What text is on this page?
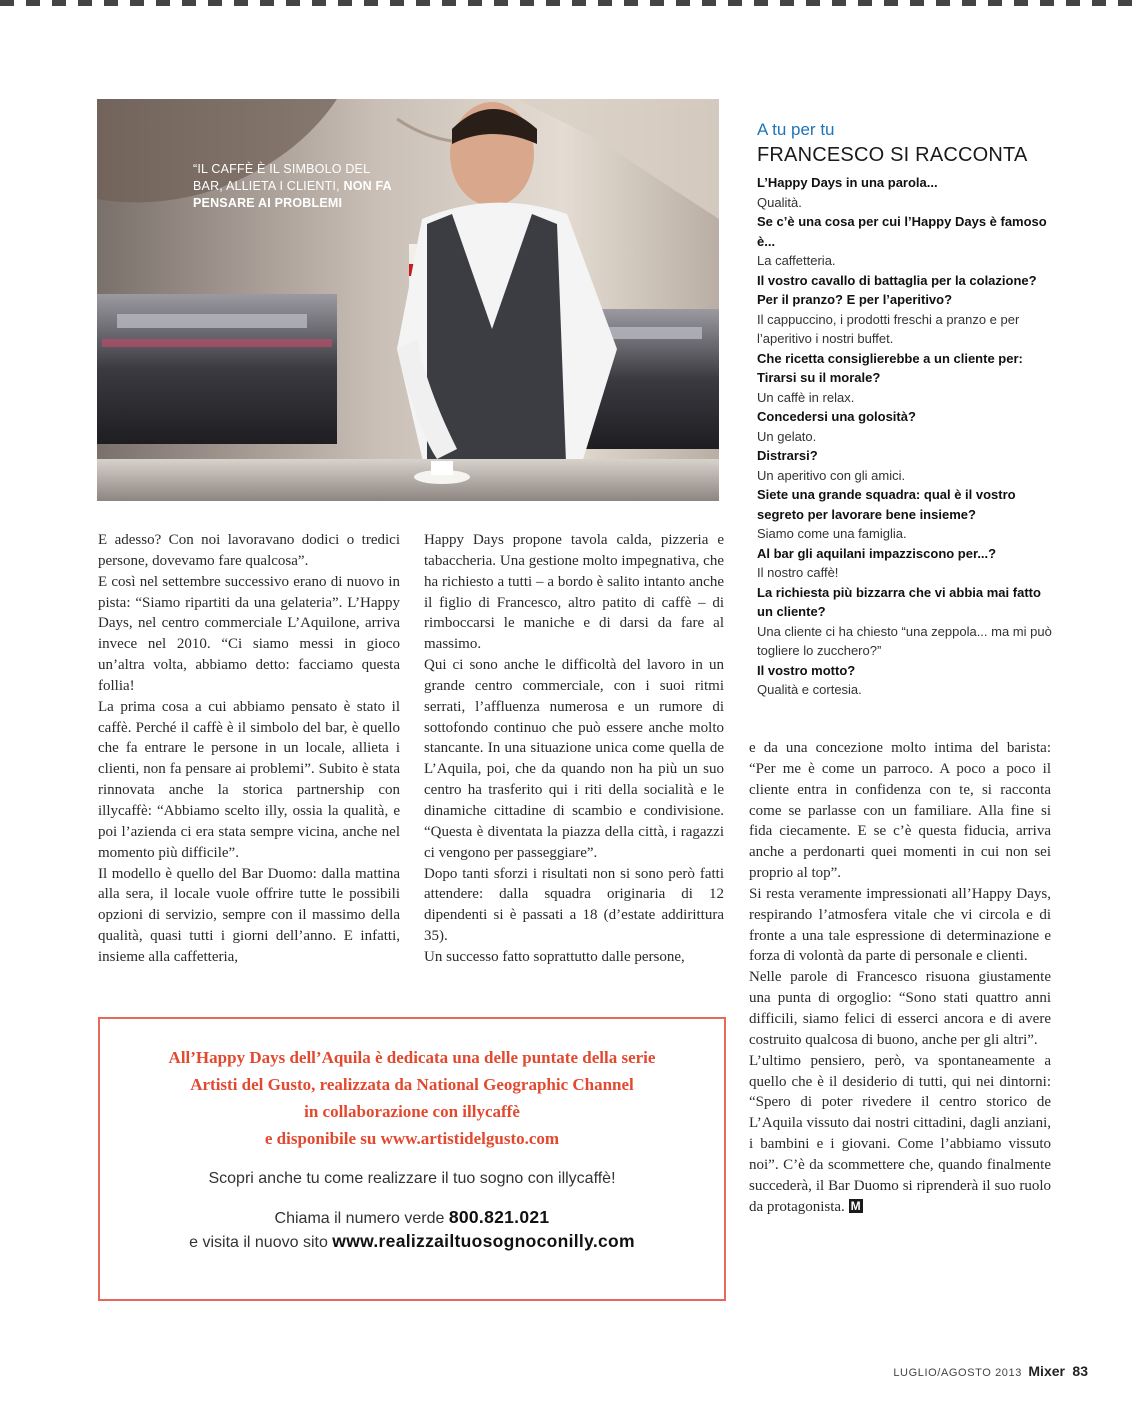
“IL CAFFÈ È IL SIMBOLO DEL BAR, ALLIETA I CLIENTI, NON FA PENSARE AI PROBLEMI
A tu per tu
FRANCESCO SI RACCONTA
L’Happy Days in una parola...
Qualità.
Se c’è una cosa per cui l’Happy Days è famoso è...
La caffetteria.
Il vostro cavallo di battaglia per la colazione? Per il pranzo? E per l’aperitivo?
Il cappuccino, i prodotti freschi a pranzo e per l’aperitivo i nostri buffet.
Che ricetta consiglierebbe a un cliente per: Tirarsi su il morale?
Un caffè in relax.
Concedersi una golosità?
Un gelato.
Distrarsi?
Un aperitivo con gli amici.
Siete una grande squadra: qual è il vostro segreto per lavorare bene insieme?
Siamo come una famiglia.
Al bar gli aquilani impazziscono per...?
Il nostro caffè!
La richiesta più bizzarra che vi abbia mai fatto un cliente?
Una cliente ci ha chiesto “una zeppola... ma mi può togliere lo zucchero?”
Il vostro motto?
Qualità e cortesia.

E adesso? Con noi lavoravano dodici o tredici persone, dovevamo fare qualcosa”.

E così nel settembre successivo erano di nuovo in pista: “Siamo ripartiti da una gelateria”. L’Happy Days, nel centro commerciale L’Aquilone, arriva invece nel 2010. “Ci siamo messi in gioco un’altra volta, abbiamo detto: facciamo questa follia!

La prima cosa a cui abbiamo pensato è stato il caffè. Perché il caffè è il simbolo del bar, è quello che fa entrare le persone in un locale, allieta i clienti, non fa pensare ai problemi”. Subito è stata rinnovata anche la storica partnership con illycaffè: “Abbiamo scelto illy, ossia la qualità, e poi l’azienda ci era stata sempre vicina, anche nel momento più difficile”.

Il modello è quello del Bar Duomo: dalla mattina alla sera, il locale vuole offrire tutte le possibili opzioni di servizio, sempre con il massimo della qualità, quasi tutti i giorni dell’anno. E infatti, insieme alla caffetteria,

Happy Days propone tavola calda, pizzeria e tabaccheria. Una gestione molto impegnativa, che ha richiesto a tutti – a bordo è salito intanto anche il figlio di Francesco, altro patito di caffè – di rimboccarsi le maniche e di darsi da fare al massimo.

Qui ci sono anche le difficoltà del lavoro in un grande centro commerciale, con i suoi ritmi serrati, l’affluenza numerosa e un rumore di sottofondo continuo che può essere anche molto stancante. In una situazione unica come quella de L’Aquila, poi, che da quando non ha più un suo centro ha trasferito qui i riti della socialità e le dinamiche cittadine di scambio e condivisione. “Questa è diventata la piazza della città, i ragazzi ci vengono per passeggiare”.

Dopo tanti sforzi i risultati non si sono però fatti attendere: dalla squadra originaria di 12 dipendenti si è passati a 18 (d’estate addirittura 35).

Un successo fatto soprattutto dalle persone,

e da una concezione molto intima del barista: “Per me è come un parroco. A poco a poco il cliente entra in confidenza con te, si racconta come se parlasse con un familiare. Alla fine si fida ciecamente. E se c’è questa fiducia, arriva anche a perdonarti quei momenti in cui non sei proprio al top”.

Si resta veramente impressionati all’Happy Days, respirando l’atmosfera vitale che vi circola e di fronte a una tale espressione di determinazione e forza di volontà da parte di personale e clienti.

Nelle parole di Francesco risuona giustamente una punta di orgoglio: “Sono stati quattro anni difficili, siamo felici di esserci ancora e di avere costruito qualcosa di buono, anche per gli altri”.

L’ultimo pensiero, però, va spontaneamente a quello che è il desiderio di tutti, qui nei dintorni: “Spero di poter rivedere il centro storico de L’Aquila vissuto dai nostri cittadini, dagli anziani, i bambini e i giovani. Come l’abbiamo vissuto noi”. C’è da scommettere che, quando finalmente succederà, il Bar Duomo si riprenderà il suo ruolo da protagonista. M

All’Happy Days dell’Aquila è dedicata una delle puntate della serie
Artisti del Gusto, realizzata da National Geographic Channel
in collaborazione con illycaffè
e disponibile su www.artistidelgusto.com
Scopri anche tu come realizzare il tuo sogno con illycaffè!
Chiama il numero verde 800.821.021
e visita il nuovo sito www.realizzailtuosognoconilly.com
LUGLIO/AGOSTO 2013 Mixer 83
